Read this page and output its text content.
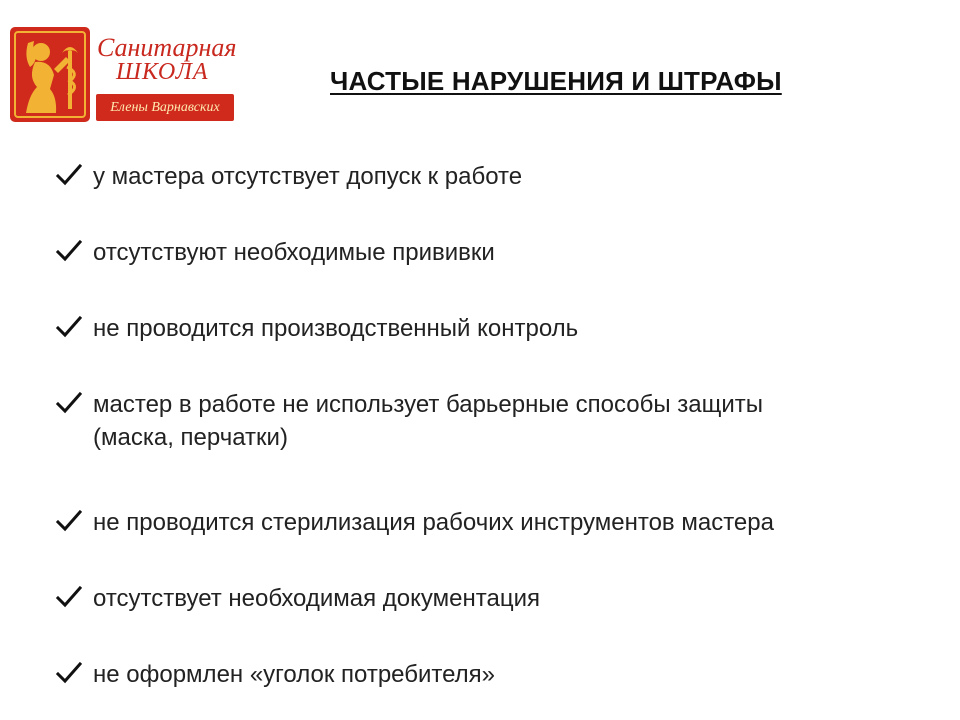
Санитарная
ШКОЛА
Елены Варнавских
ЧАСТЫЕ НАРУШЕНИЯ И ШТРАФЫ
у мастера отсутствует допуск к работе
отсутствуют необходимые прививки
не проводится производственный контроль
мастер в работе не использует барьерные способы защиты (маска, перчатки)
не проводится стерилизация рабочих инструментов мастера
отсутствует необходимая документация
не оформлен «уголок потребителя»
